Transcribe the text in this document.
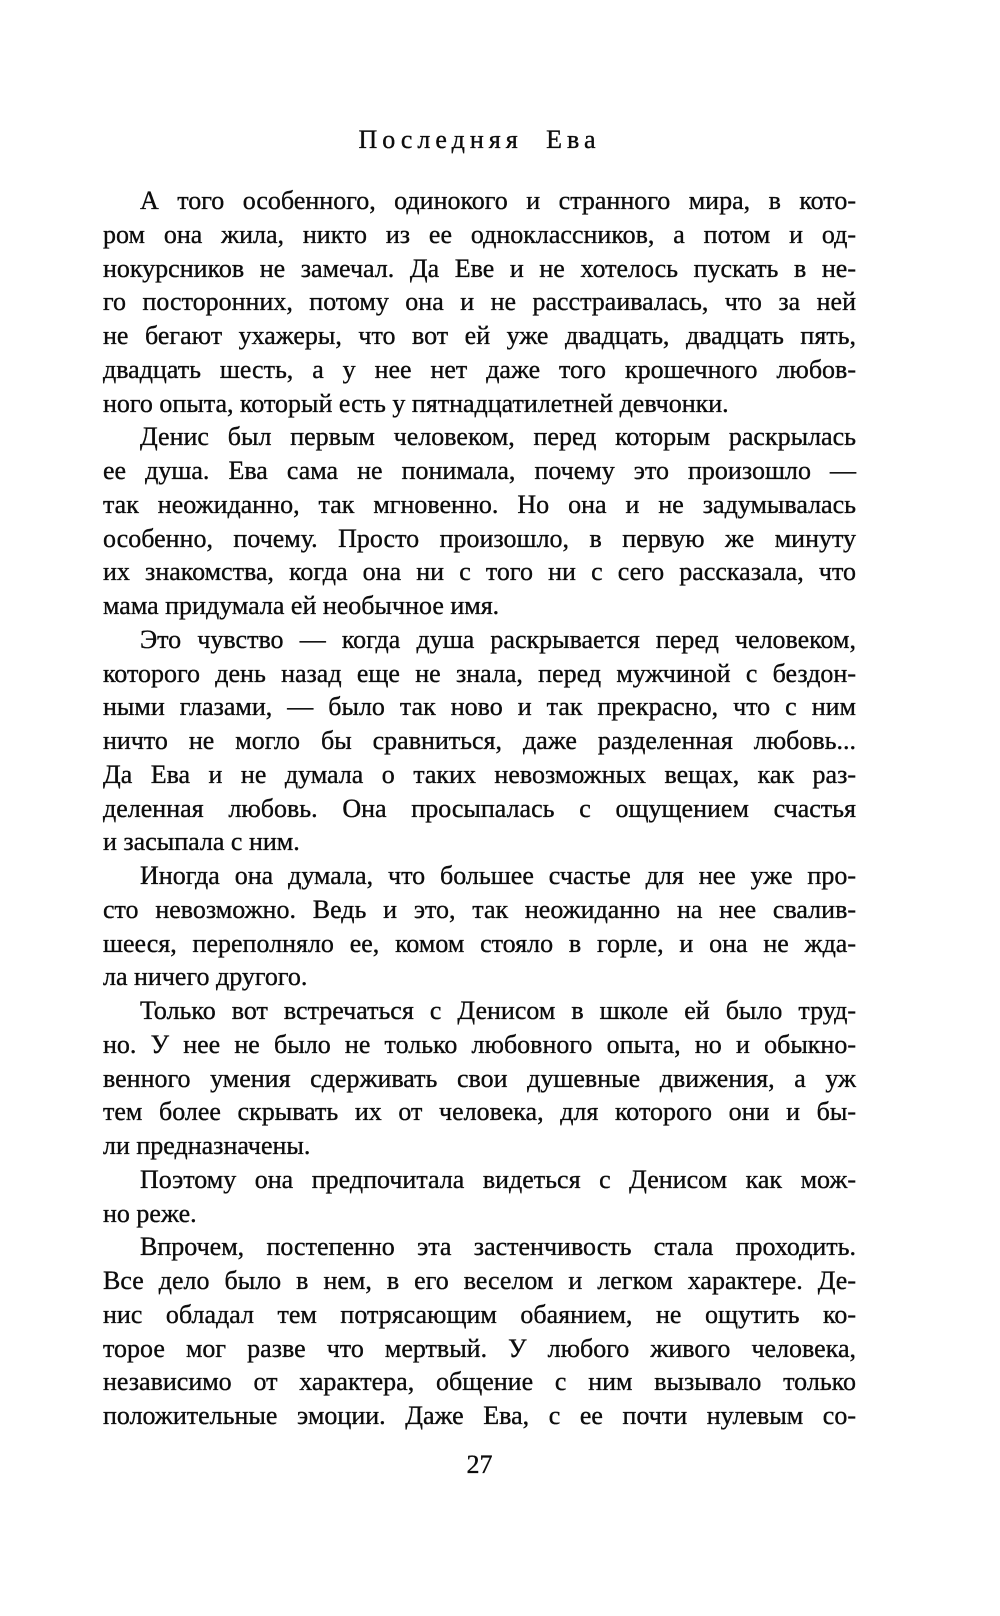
Последняя Ева
А того особенного, одинокого и странного мира, в кото-
ром она жила, никто из ее одноклассников, а потом и од-
нокурсников не замечал. Да Еве и не хотелось пускать в не-
го посторонних, потому она и не расстраивалась, что за ней
не бегают ухажеры, что вот ей уже двадцать, двадцать пять,
двадцать шесть, а у нее нет даже того крошечного любов-
ного опыта, который есть у пятнадцатилетней девчонки.
Денис был первым человеком, перед которым раскрылась
ее душа. Ева сама не понимала, почему это произошло —
так неожиданно, так мгновенно. Но она и не задумывалась
особенно, почему. Просто произошло, в первую же минуту
их знакомства, когда она ни с того ни с сего рассказала, что
мама придумала ей необычное имя.
Это чувство — когда душа раскрывается перед человеком,
которого день назад еще не знала, перед мужчиной с бездон-
ными глазами, — было так ново и так прекрасно, что с ним
ничто не могло бы сравниться, даже разделенная любовь...
Да Ева и не думала о таких невозможных вещах, как раз-
деленная любовь. Она просыпалась с ощущением счастья
и засыпала с ним.
Иногда она думала, что большее счастье для нее уже про-
сто невозможно. Ведь и это, так неожиданно на нее свалив-
шееся, переполняло ее, комом стояло в горле, и она не жда-
ла ничего другого.
Только вот встречаться с Денисом в школе ей было труд-
но. У нее не было не только любовного опыта, но и обыкно-
венного умения сдерживать свои душевные движения, а уж
тем более скрывать их от человека, для которого они и бы-
ли предназначены.
Поэтому она предпочитала видеться с Денисом как мож-
но реже.
Впрочем, постепенно эта застенчивость стала проходить.
Все дело было в нем, в его веселом и легком характере. Де-
нис обладал тем потрясающим обаянием, не ощутить ко-
торое мог разве что мертвый. У любого живого человека,
независимо от характера, общение с ним вызывало только
положительные эмоции. Даже Ева, с ее почти нулевым со-
27
